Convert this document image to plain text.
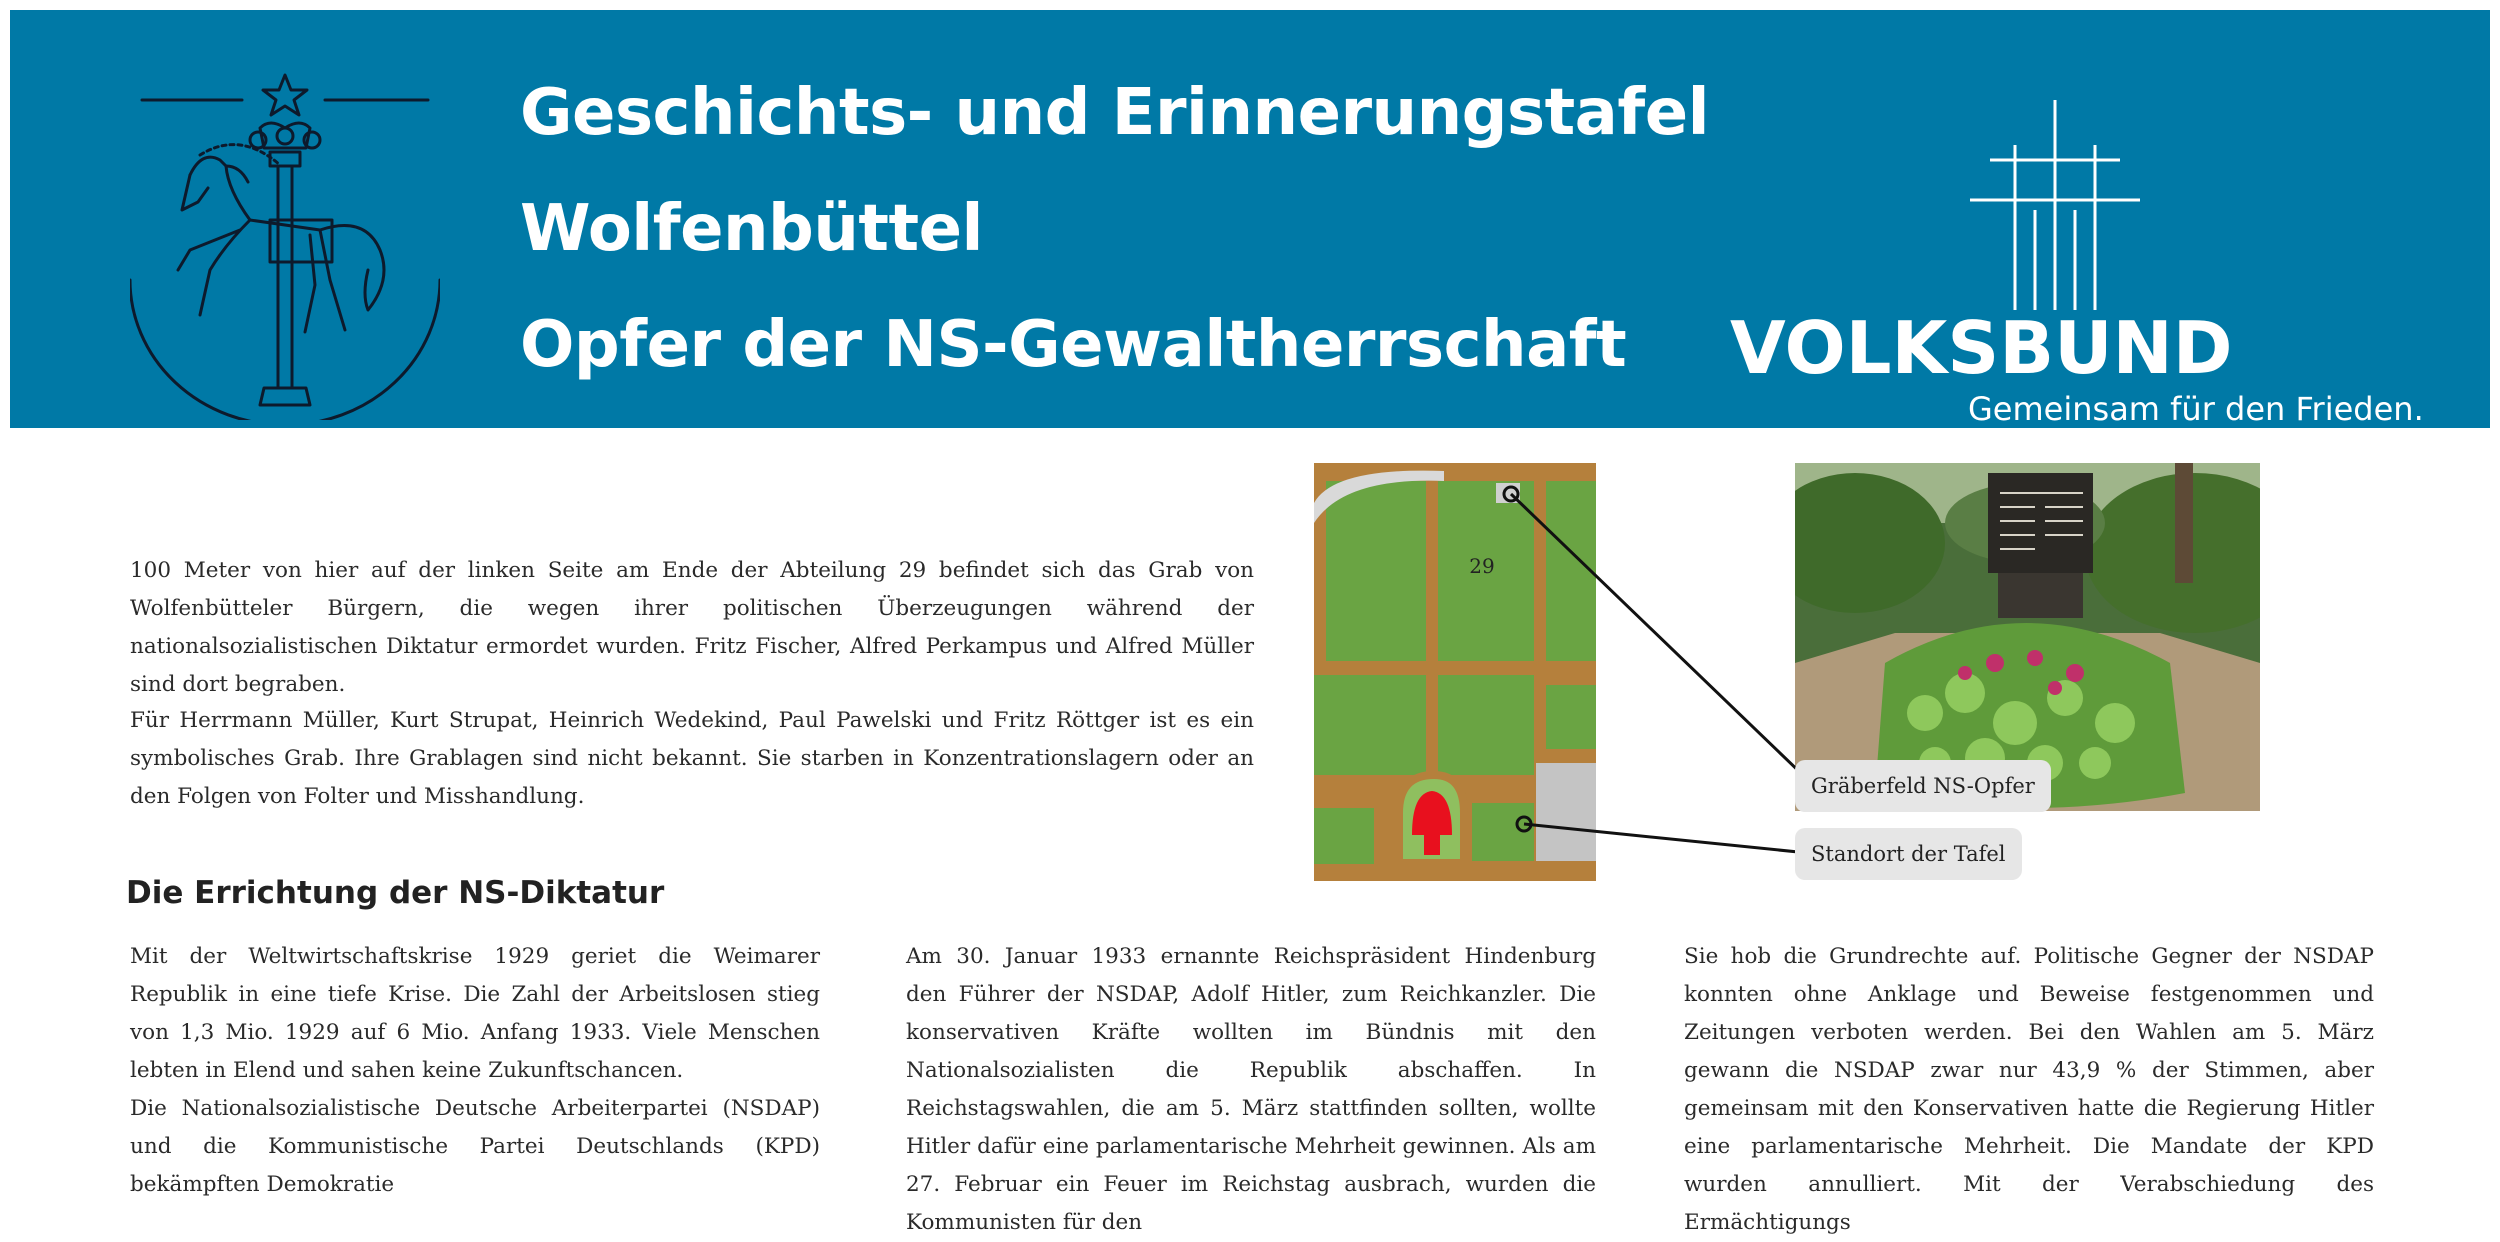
Geschichts- und Erinnerungstafel
Wolfenbüttel
Opfer der NS-Gewaltherrschaft VOLKSBUND
Gemeinsam für den Frieden.

100 Meter von hier auf der linken Seite am Ende der Abteilung 29 befindet sich das Grab von Wolfenbütteler Bürgern, die wegen ihrer politischen Überzeugungen während der nationalsozialistischen Diktatur ermordet wurden. Fritz Fischer, Alfred Perkampus und Alfred Müller sind dort begraben.

Für Herrmann Müller, Kurt Strupat, Heinrich Wedekind, Paul Pawelski und Fritz Röttger ist es ein symbolisches Grab. Ihre Grablagen sind nicht bekannt. Sie starben in Konzentrationslagern oder an den Folgen von Folter und Misshandlung.

29
Gräberfeld NS-Opfer
Standort der Tafel
Die Errichtung der NS-Diktatur

Mit der Weltwirtschaftskrise 1929 geriet die Weimarer Republik in eine tiefe Krise. Die Zahl der Arbeitslosen stieg von 1,3 Mio. 1929 auf 6 Mio. Anfang 1933. Viele Menschen lebten in Elend und sahen keine Zukunftschancen.

Die Nationalsozialistische Deutsche Arbeiterpartei (NSDAP) und die Kommunistische Partei Deutschlands (KPD) bekämpften Demokratie

Am 30. Januar 1933 ernannte Reichspräsident Hindenburg den Führer der NSDAP, Adolf Hitler, zum Reichkanzler. Die konservativen Kräfte wollten im Bündnis mit den Nationalsozialisten die Republik abschaffen. In Reichstagswahlen, die am 5. März stattfinden sollten, wollte Hitler dafür eine parlamentarische Mehrheit gewinnen. Als am 27. Februar ein Feuer im Reichstag ausbrach, wurden die Kommunisten für den

Sie hob die Grundrechte auf. Politische Gegner der NSDAP konnten ohne Anklage und Beweise festgenommen und Zeitungen verboten werden. Bei den Wahlen am 5. März gewann die NSDAP zwar nur 43,9 % der Stimmen, aber gemeinsam mit den Konservativen hatte die Regierung Hitler eine parlamentarische Mehrheit. Die Mandate der KPD wurden annulliert. Mit der Verabschiedung des Ermächtigungs
